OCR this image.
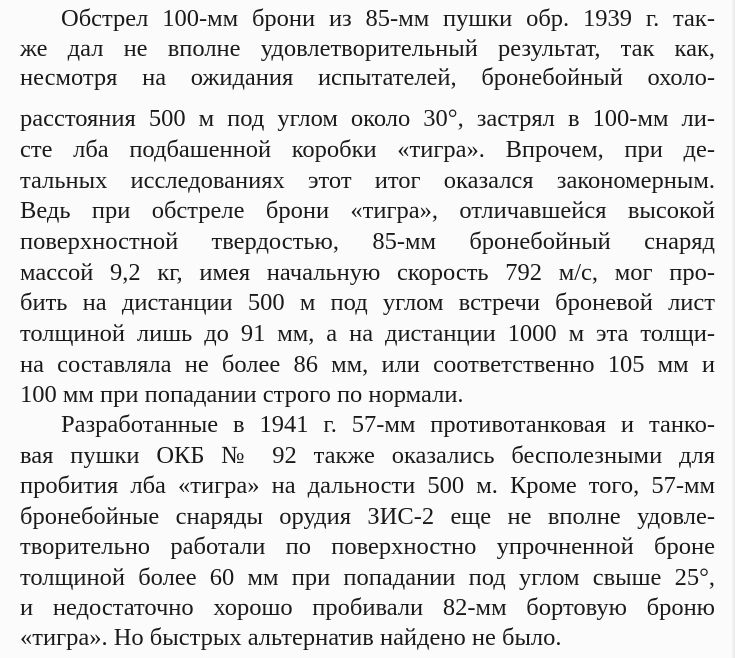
Обстрел 100-мм брони из 85-мм пушки обр. 1939 г. так-
же дал не вполне удовлетворительный результат, так как,
несмотря на ожидания испытателей, бронебойный охоло-
расстояния 500 м под углом около 30°, застрял в 100-мм ли-
сте лба подбашенной коробки «тигра». Впрочем, при де-
тальных исследованиях этот итог оказался закономерным.
Ведь при обстреле брони «тигра», отличавшейся высокой
поверхностной твердостью, 85-мм бронебойный снаряд
массой 9,2 кг, имея начальную скорость 792 м/с, мог про-
бить на дистанции 500 м под углом встречи броневой лист
толщиной лишь до 91 мм, а на дистанции 1000 м эта толщи-
на составляла не более 86 мм, или соответственно 105 мм и
100 мм при попадании строго по нормали.
Разработанные в 1941 г. 57-мм противотанковая и танко-
вая пушки ОКБ № 92 также оказались бесполезными для
пробития лба «тигра» на дальности 500 м. Кроме того, 57-мм
бронебойные снаряды орудия ЗИС-2 еще не вполне удовле-
творительно работали по поверхностно упрочненной броне
толщиной более 60 мм при попадании под углом свыше 25°,
и недостаточно хорошо пробивали 82-мм бортовую броню
«тигра». Но быстрых альтернатив найдено не было.
